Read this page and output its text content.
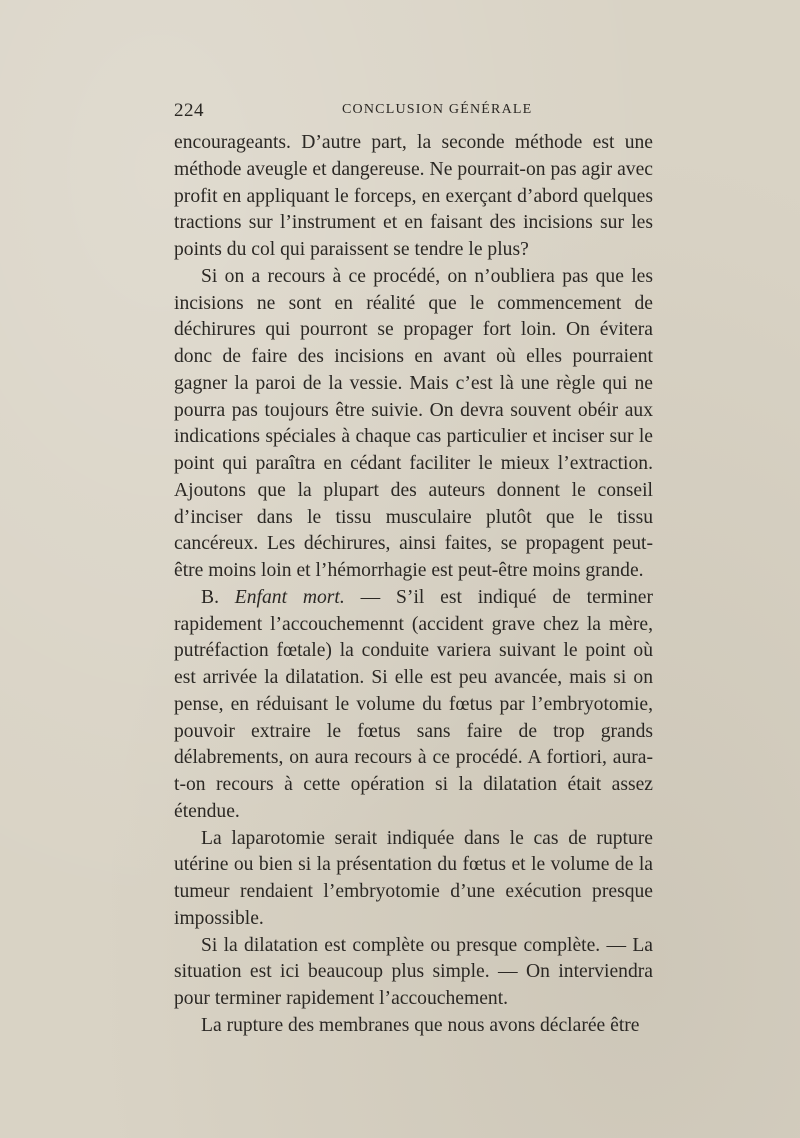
224	CONCLUSION GÉNÉRALE

encourageants. D’autre part, la seconde méthode est une méthode aveugle et dangereuse. Ne pourrait-on pas agir avec profit en appliquant le forceps, en exerçant d’abord quelques tractions sur l’instrument et en faisant des incisions sur les points du col qui paraissent se tendre le plus?

Si on a recours à ce procédé, on n’oubliera pas que les incisions ne sont en réalité que le commencement de déchirures qui pourront se propager fort loin. On évitera donc de faire des incisions en avant où elles pourraient gagner la paroi de la vessie. Mais c’est là une règle qui ne pourra pas toujours être suivie. On devra souvent obéir aux indications spéciales à chaque cas particulier et inciser sur le point qui paraîtra en cédant faciliter le mieux l’extraction. Ajoutons que la plupart des auteurs donnent le conseil d’inciser dans le tissu musculaire plutôt que le tissu cancéreux. Les déchirures, ainsi faites, se propagent peut-être moins loin et l’hémorrhagie est peut-être moins grande.

B. Enfant mort. — S’il est indiqué de terminer rapidement l’accouchemennt (accident grave chez la mère, putréfaction fœtale) la conduite variera suivant le point où est arrivée la dilatation. Si elle est peu avancée, mais si on pense, en réduisant le volume du fœtus par l’embryotomie, pouvoir extraire le fœtus sans faire de trop grands délabrements, on aura recours à ce procédé. A fortiori, aura-t-on recours à cette opération si la dilatation était assez étendue.

La laparotomie serait indiquée dans le cas de rupture utérine ou bien si la présentation du fœtus et le volume de la tumeur rendaient l’embryotomie d’une exécution presque impossible.

Si la dilatation est complète ou presque complète. — La situation est ici beaucoup plus simple. — On interviendra pour terminer rapidement l’accouchement.

La rupture des membranes que nous avons déclarée être
